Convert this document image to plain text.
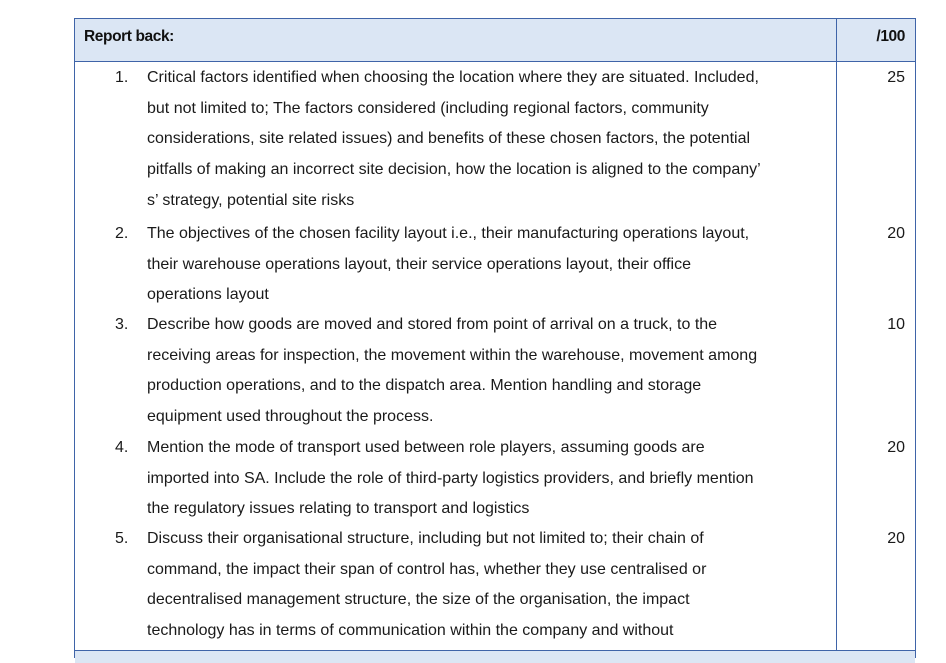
Report back:	/100
1. Critical factors identified when choosing the location where they are situated. Included,
but not limited to; The factors considered (including regional factors, community
considerations, site related issues) and benefits of these chosen factors, the potential
pitfalls of making an incorrect site decision, how the location is aligned to the company’
s’ strategy, potential site risks
25
2. The objectives of the chosen facility layout i.e., their manufacturing operations layout,
their warehouse operations layout, their service operations layout, their office
operations layout
20
3. Describe how goods are moved and stored from point of arrival on a truck, to the
receiving areas for inspection, the movement within the warehouse, movement among
production operations, and to the dispatch area. Mention handling and storage
equipment used throughout the process.
10
4. Mention the mode of transport used between role players, assuming goods are
imported into SA. Include the role of third-party logistics providers, and briefly mention
the regulatory issues relating to transport and logistics
20
5. Discuss their organisational structure, including but not limited to; their chain of
command, the impact their span of control has, whether they use centralised or
decentralised management structure, the size of the organisation, the impact
technology has in terms of communication within the company and without
20
